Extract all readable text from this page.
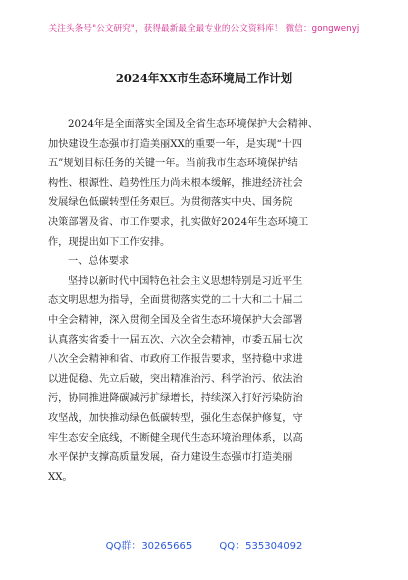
关注头条号"公文研究"，获得最新最全最专业的公文资料库！ 微信：gongwenyj
2024年XX市生态环境局工作计划
2024年是全面落实全国及全省生态环境保护大会精神、
加快建设生态强市打造美丽XX的重要一年，是实现“十四
五”规划目标任务的关键一年。当前我市生态环境保护结
构性、根源性、趋势性压力尚未根本缓解，推进经济社会
发展绿色低碳转型任务艰巨。为贯彻落实中央、国务院
决策部署及省、市工作要求，扎实做好2024年生态环境工
作，现提出如下工作安排。
一、总体要求
坚持以新时代中国特色社会主义思想特别是习近平生
态文明思想为指导，全面贯彻落实党的二十大和二十届二
中全会精神，深入贯彻全国及全省生态环境保护大会部署
认真落实省委十一届五次、六次全会精神，市委五届七次
八次全会精神和省、市政府工作报告要求，坚持稳中求进
以进促稳、先立后破，突出精准治污、科学治污、依法治
污，协同推进降碳减污扩绿增长，持续深入打好污染防治
攻坚战，加快推动绿色低碳转型，强化生态保护修复，守
牢生态安全底线，不断健全现代生态环境治理体系，以高
水平保护支撑高质量发展，奋力建设生态强市打造美丽
XX。
QQ群：30265665	QQ：535304092
